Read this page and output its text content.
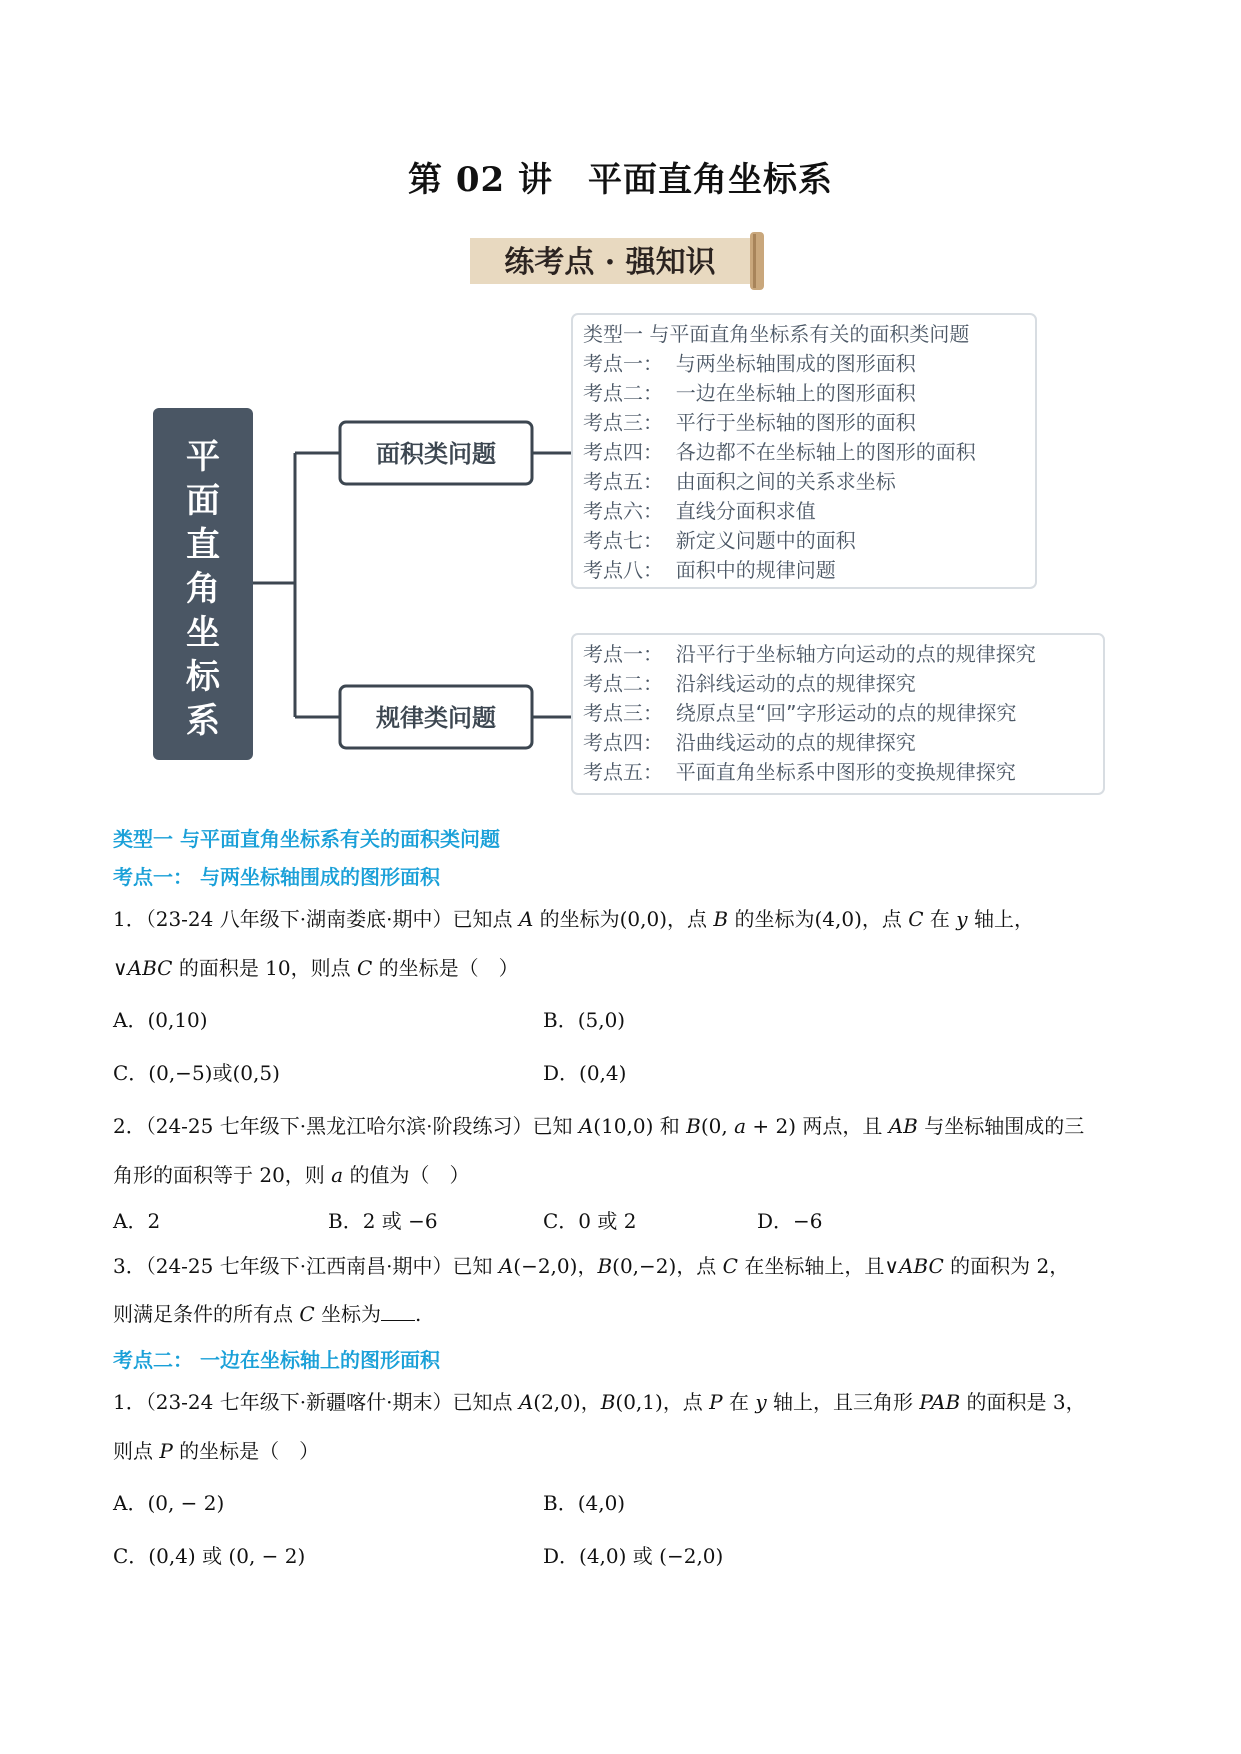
第 02 讲　平面直角坐标系
练考点 · 强知识
平
面
直
角
坐
标
系
面积类问题
规律类问题
类型一 与平面直角坐标系有关的面积类问题
考点一：  与两坐标轴围成的图形面积
考点二：  一边在坐标轴上的图形面积
考点三：  平行于坐标轴的图形的面积
考点四：  各边都不在坐标轴上的图形的面积
考点五：  由面积之间的关系求坐标
考点六：  直线分面积求值
考点七：  新定义问题中的面积
考点八：  面积中的规律问题
考点一：  沿平行于坐标轴方向运动的点的规律探究
考点二：  沿斜线运动的点的规律探究
考点三：  绕原点呈“回”字形运动的点的规律探究
考点四：  沿曲线运动的点的规律探究
考点五：  平面直角坐标系中图形的变换规律探究
类型一 与平面直角坐标系有关的面积类问题
考点一： 与两坐标轴围成的图形面积
1．（23-24 八年级下·湖南娄底·期中）已知点 A 的坐标为(0,0)，点 B 的坐标为(4,0)，点 C 在 y 轴上，
∨ABC 的面积是 10，则点 C 的坐标是（　）
A．(0,10)	B．(5,0)
C．(0,−5)或(0,5)	D．(0,4)
2．（24-25 七年级下·黑龙江哈尔滨·阶段练习）已知 A(10,0) 和 B(0, a + 2) 两点，且 AB 与坐标轴围成的三
角形的面积等于 20，则 a 的值为（　）
A．2	B．2 或 −6	C．0 或 2	D．−6
3．（24-25 七年级下·江西南昌·期中）已知 A(−2,0)，B(0,−2)，点 C 在坐标轴上，且∨ABC 的面积为 2，
则满足条件的所有点 C 坐标为 .
考点二： 一边在坐标轴上的图形面积
1．（23-24 七年级下·新疆喀什·期末）已知点 A(2,0)，B(0,1)，点 P 在 y 轴上，且三角形 PAB 的面积是 3，
则点 P 的坐标是（　）
A．(0, − 2)	B．(4,0)
C．(0,4) 或 (0, − 2)	D．(4,0) 或 (−2,0)
